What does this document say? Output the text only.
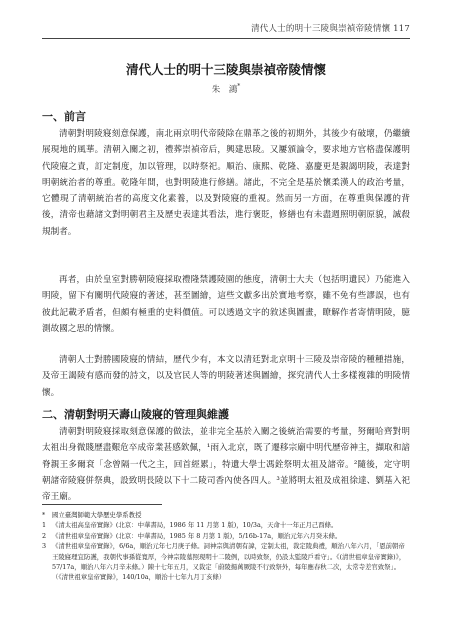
清代人士的明十三陵與崇禎帝陵情懷 117
清代人士的明十三陵與崇禎帝陵情懷
朱　鴻*
一、前言

清朝對明陵寢刻意保護，南北兩京明代帝陵除在鼎革之後的初期外，其後少有破壞，仍繼續展現地的風華。清朝入關之初，禮葬崇禎帝后，興建思陵。又屢頒論令，要求地方官格盡保護明代陵寢之責，訂定制度，加以管理，以時祭祀。順治、康熙、乾隆、嘉慶更是親謁明陵，表達對明朝統治者的尊重。乾隆年間，也對明陵進行修繕。諸此，不完全是基於懷柔漢人的政治考量，它體現了清朝統治者的高度文化素養，以及對陵寢的重視。然而另一方面，在尊重與保護的背後，清帝也藉諸文對明朝君主及歷史表達其看法，進行褒貶，修繕也有未盡週照明朝原貌，誠殺規制者。

再者，由於皇室對勝朝陵寢採取禮隆禁護陵園的態度，清朝士大夫（包括明遺民）乃能進入明陵，留下有關明代陵寢的著述，甚至圖繪，這些文獻多出於實地考察，雖不免有些謬誤，也有彼此記載矛盾者，但頗有極重的史料價值。可以透過文字的敘述與圖畫，瞭解作者寄情明陵，臆測故國之思的情懷。

清朝人士對勝國陵寢的情結，歷代少有，本文以清廷對北京明十三陵及崇帝陵的種種措施，及帝王謁陵有感而發的詩文，以及官民人等的明陵著述與圖繪，探究清代人士多樣複雜的明陵情懷。

二、清朝對明天壽山陵寢的管理與維護

清朝對明陵寢採取刻意保護的做法，並非完全基於入關之後統治需要的考量，努爾哈齊對明太祖出身微賤歷盡艱危卒成帝業甚感欽佩，¹雨入北京，既了遷移宗廟中明代歷帝神主，擷取和諳脊親王多爾袞「念曾隔一代之主，回首經累」，特遺大學士馮銓祭明太祖及諸帝。²隨後，定守明朝諸帝陵寢併祭典，設致明長陵以下十二陵司香內使各四人。³並將明太祖及成祖徐達、劉基入祀帝王廟。

* 國立臺灣師範大學歷史學系教授

1 《清太祖高皇帝實錄》(北京：中華書局，1986 年 11 月第 1 版)，10/3a，天命十一年正月己酉條。

2 《清世祖章皇帝實錄》(北京：中華書局，1985 年 8 月第 1 版)，5/16b-17a，順治元年六月癸未條。

3 《清世祖章皇帝實錄》，6/6a，順治元年七月庚子條。詞神宗與清朝有諱，定制太祖，裁定陵典禮，順治八年六月，「恩前朝帝王陵寢理宜防護，我朝代事孫從寬厚，今神宗陵墓照現明十二陵例，以時致祭，仍設太監陵戶看守」。《(清世祖章皇帝實錄)》，57/17a，順治八年六月辛未條。）陳十七年五月，又裁定「蔚陵揚萬厥陵不行致祭外，每年應春秋二次，太常寺差官致祭」。（《清世祖章皇帝實錄》，140/10a，順治十七年九月丁亥條）
